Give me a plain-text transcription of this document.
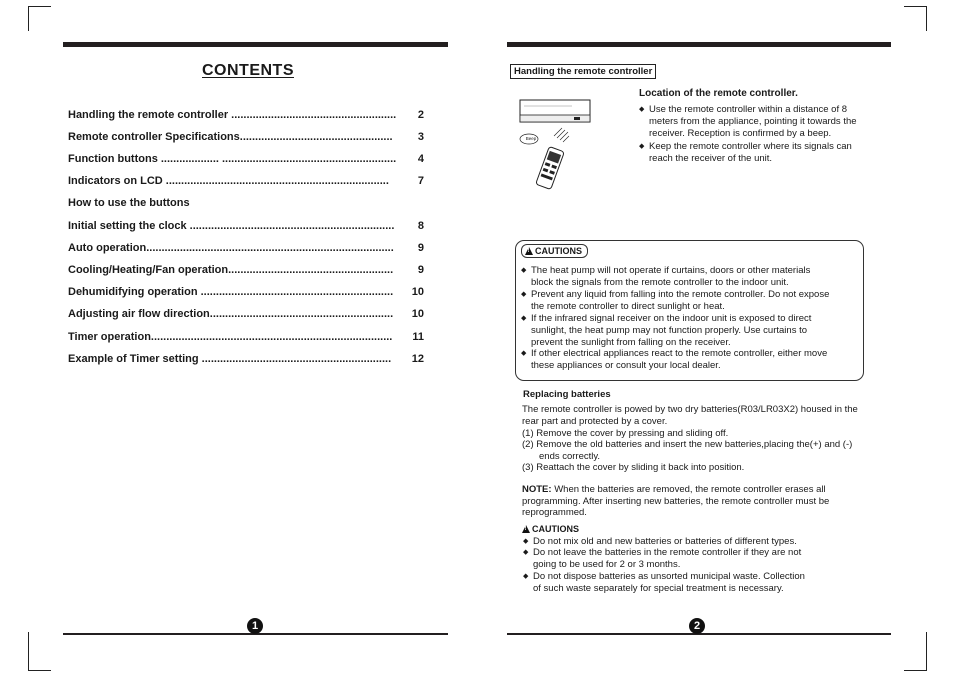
CONTENTS
Handling the remote controller ......................................................	2
Remote controller Specifications..................................................	3
Function buttons ................... .........................................................	4
Indicators on LCD .........................................................................	7
How to use the buttons
Initial setting the clock ...................................................................	8
Auto operation.................................................................................	9
Cooling/Heating/Fan operation......................................................	9
Dehumidifying operation ...............................................................	10
Adjusting air flow direction............................................................	10
Timer operation...............................................................................	11
Example of Timer setting ..............................................................	12
1
Handling the remote controller
Beep
Location of the remote controller.
◆ Use the remote controller within a distance of 8
meters from the appliance, pointing it towards the
receiver. Reception is confirmed by a beep.
◆ Keep the remote controller where its signals can
reach the receiver of the unit.
!CAUTIONS
◆ The heat pump will not operate if curtains, doors or other materials
block the signals from the remote controller to the indoor unit.
◆ Prevent any liquid from falling into the remote controller. Do not expose
the remote controller to direct sunlight or heat.
◆ If the infrared signal receiver on the indoor unit is exposed to direct
sunlight, the heat pump may not function properly. Use curtains to
prevent the sunlight from falling on the receiver.
◆ If other electrical appliances react to the remote controller, either move
these appliances or consult your local dealer.
Replacing batteries
The remote controller is powed by two dry batteries(R03/LR03X2) housed in the
rear part and protected by a cover.
(1) Remove the cover by pressing and sliding off.
(2) Remove the old batteries and insert the new batteries,placing the(+) and (-)
ends correctly.
(3) Reattach the cover by sliding it back into position.
NOTE: When the batteries are removed, the remote controller erases all
programming. After inserting new batteries, the remote controller must be
reprogrammed.
!CAUTIONS
◆ Do not mix old and new batteries or batteries of different types.
◆ Do not leave the batteries in the remote controller if they are not
going to be used for 2 or 3 months.
◆ Do not dispose batteries as unsorted municipal waste. Collection
of such waste separately for special treatment is necessary.
2
